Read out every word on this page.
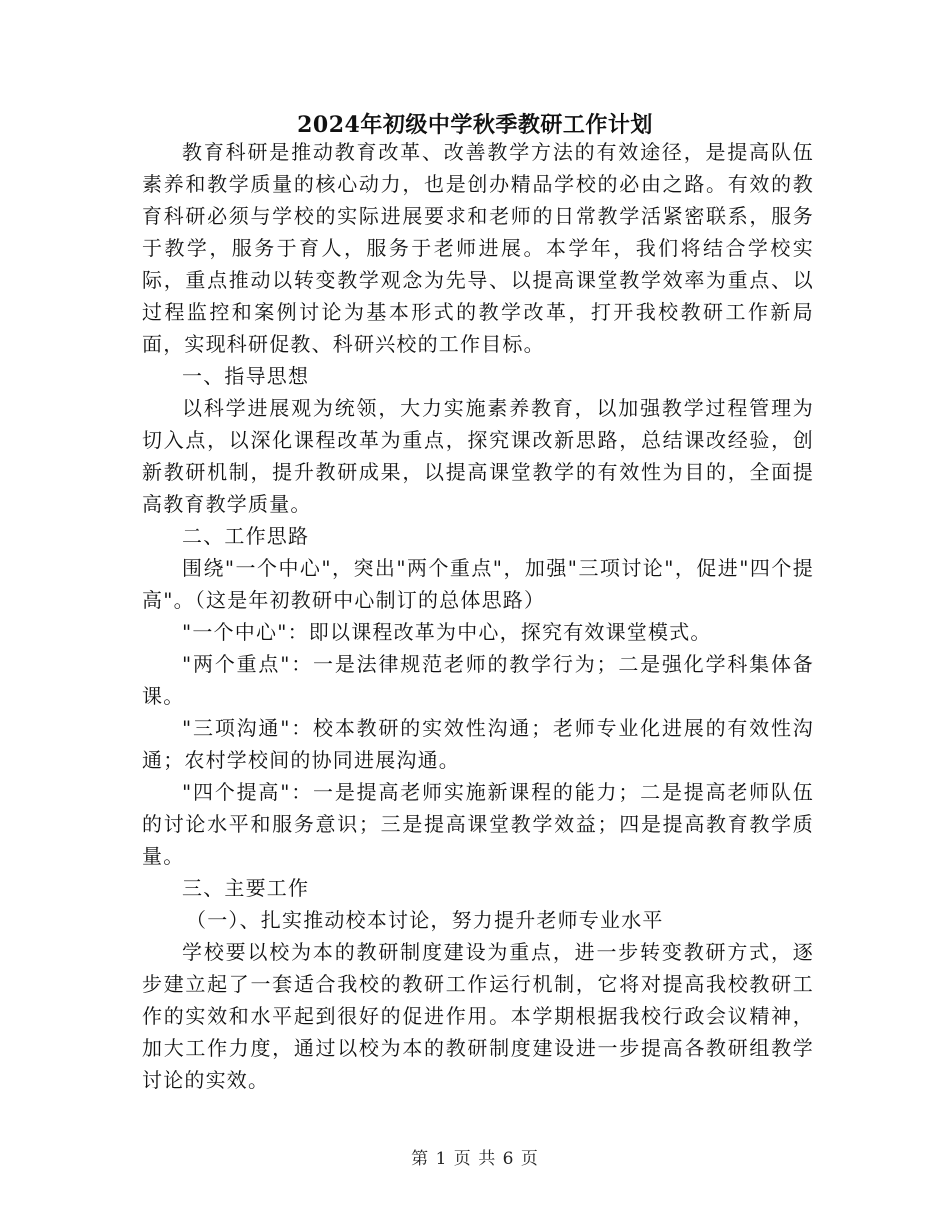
2024年初级中学秋季教研工作计划

教育科研是推动教育改革、改善教学方法的有效途径，是提高队伍素养和教学质量的核心动力，也是创办精品学校的必由之路。有效的教育科研必须与学校的实际进展要求和老师的日常教学活紧密联系，服务于教学，服务于育人，服务于老师进展。本学年，我们将结合学校实际，重点推动以转变教学观念为先导、以提高课堂教学效率为重点、以过程监控和案例讨论为基本形式的教学改革，打开我校教研工作新局面，实现科研促教、科研兴校的工作目标。

一、指导思想

以科学进展观为统领，大力实施素养教育，以加强教学过程管理为切入点，以深化课程改革为重点，探究课改新思路，总结课改经验，创新教研机制，提升教研成果，以提高课堂教学的有效性为目的，全面提高教育教学质量。

二、工作思路

围绕"一个中心"，突出"两个重点"，加强"三项讨论"，促进"四个提高"。（这是年初教研中心制订的总体思路）

"一个中心"：即以课程改革为中心，探究有效课堂模式。

"两个重点"：一是法律规范老师的教学行为；二是强化学科集体备课。

"三项沟通"：校本教研的实效性沟通；老师专业化进展的有效性沟通；农村学校间的协同进展沟通。

"四个提高"：一是提高老师实施新课程的能力；二是提高老师队伍的讨论水平和服务意识；三是提高课堂教学效益；四是提高教育教学质量。

三、主要工作

（一）、扎实推动校本讨论，努力提升老师专业水平

学校要以校为本的教研制度建设为重点，进一步转变教研方式，逐步建立起了一套适合我校的教研工作运行机制，它将对提高我校教研工作的实效和水平起到很好的促进作用。本学期根据我校行政会议精神，加大工作力度，通过以校为本的教研制度建设进一步提高各教研组教学讨论的实效。

第 1 页 共 6 页
